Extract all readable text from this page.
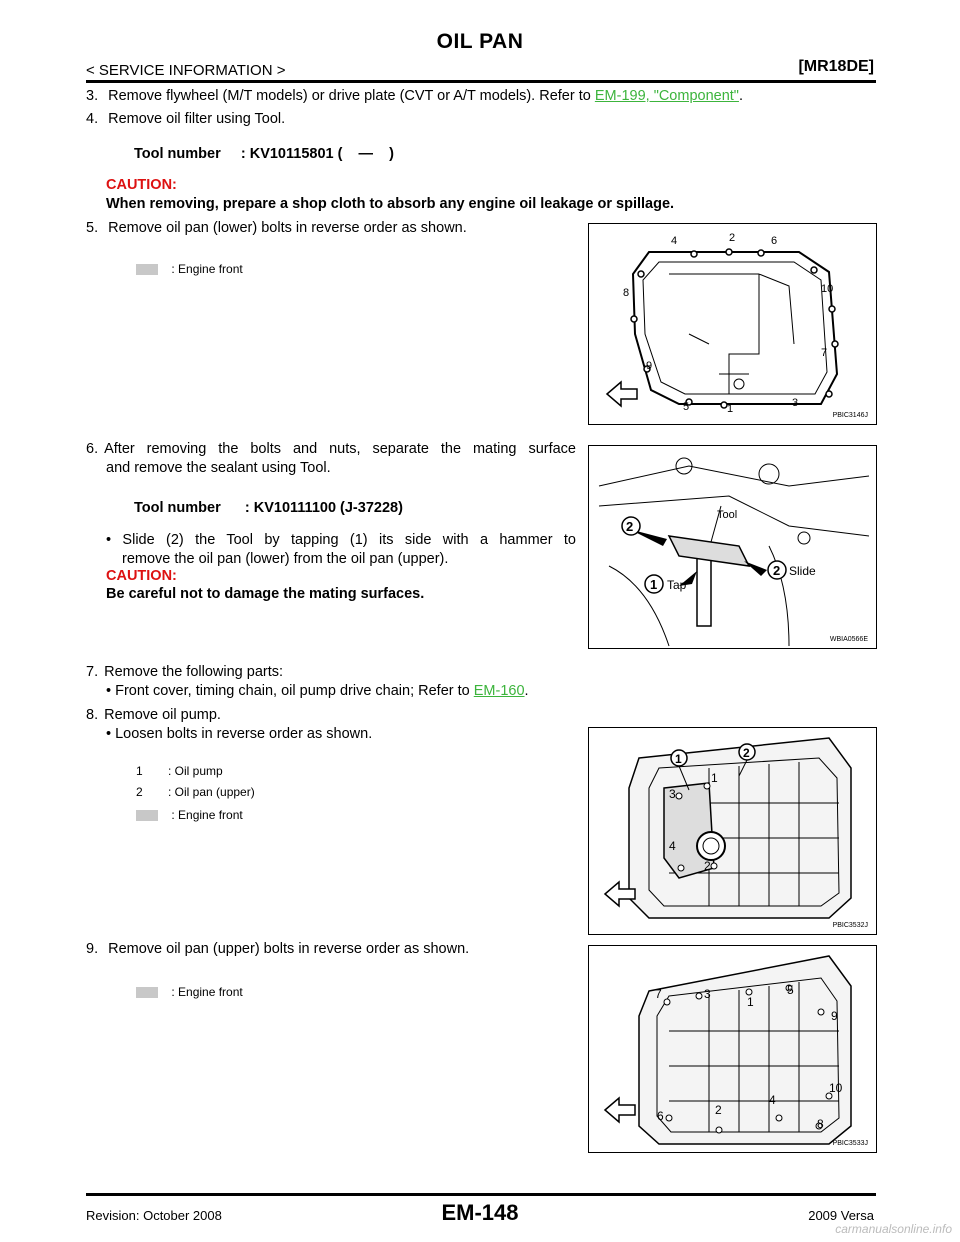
OIL PAN
< SERVICE INFORMATION >	[MR18DE]
3. Remove flywheel (M/T models) or drive plate (CVT or A/T models). Refer to EM-199, "Component".
4. Remove oil filter using Tool.
Tool number     : KV10115801 (    —    )
CAUTION:
When removing, prepare a shop cloth to absorb any engine oil leakage or spillage.
5. Remove oil pan (lower) bolts in reverse order as shown.
: Engine front
1
2
3
4
5
6
7
8
9
10
PBIC3146J
6. After removing the bolts and nuts, separate the mating surface
and remove the sealant using Tool.
Tool number      : KV10111100 (J-37228)
• Slide (2) the Tool by tapping (1) its side with a hammer to
remove the oil pan (lower) from the oil pan (upper).
CAUTION:
Be careful not to damage the mating surfaces.
2
1 Tap
2 Slide
Tool
WBIA0566E
7. Remove the following parts:
• Front cover, timing chain, oil pump drive chain; Refer to EM-160.
8. Remove oil pump.
• Loosen bolts in reverse order as shown.
1 : Oil pump
2 : Oil pan (upper)
: Engine front
3
1
4
2
1	2
PBIC3532J
9. Remove oil pan (upper) bolts in reverse order as shown.
: Engine front
1
2
3
4
5
6
7
8
9
10
PBIC3533J
EM-148
Revision: October 2008	2009 Versa
carmanualsonline.info
